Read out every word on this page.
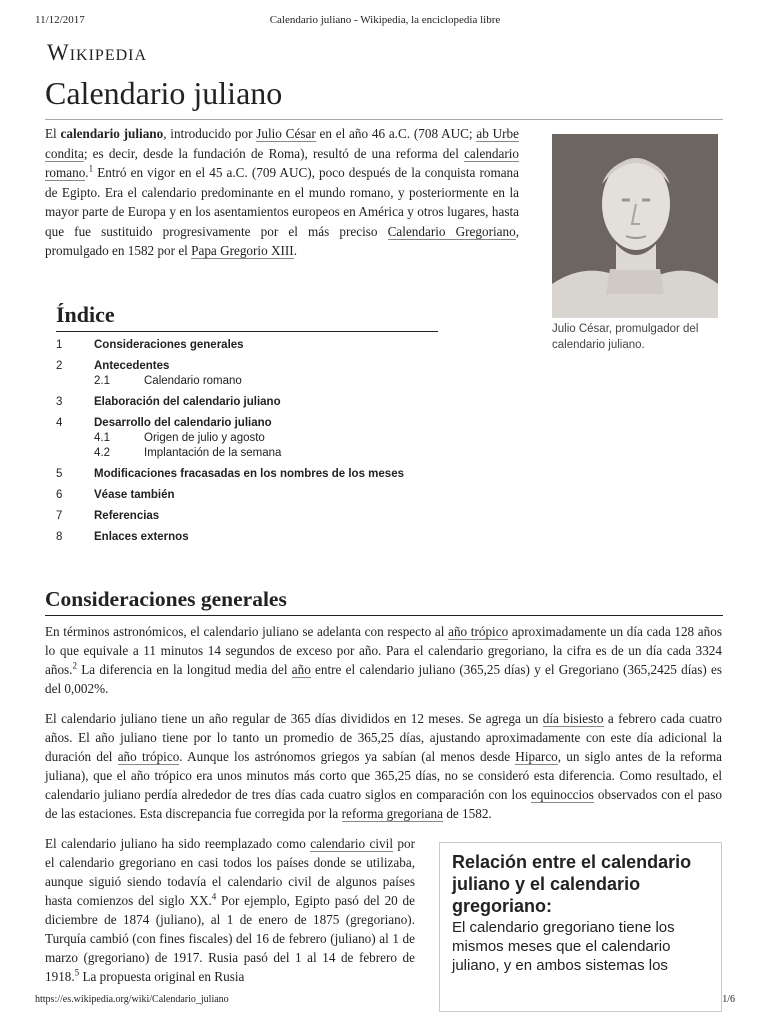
11/12/2017	Calendario juliano - Wikipedia, la enciclopedia libre
Wikipedia
Calendario juliano

El calendario juliano, introducido por Julio César en el año 46 a.C. (708 AUC; ab Urbe condita; es decir, desde la fundación de Roma), resultó de una reforma del calendario romano.$^1$ Entró en vigor en el 45 a.C. (709 AUC), poco después de la conquista romana de Egipto. Era el calendario predominante en el mundo romano, y posteriormente en la mayor parte de Europa y en los asentamientos europeos en América y otros lugares, hasta que fue sustituido progresivamente por el más preciso Calendario Gregoriano, promulgado en 1582 por el Papa Gregorio XIII.

Julio César, promulgador del calendario juliano.

Índice
1	Consideraciones generales
2	Antecedentes
2.1	Calendario romano
3	Elaboración del calendario juliano
4	Desarrollo del calendario juliano
4.1	Origen de julio y agosto
4.2	Implantación de la semana
5	Modificaciones fracasadas en los nombres de los meses
6	Véase también
7	Referencias
8	Enlaces externos
Consideraciones generales

En términos astronómicos, el calendario juliano se adelanta con respecto al año trópico aproximadamente un día cada 128 años lo que equivale a 11 minutos 14 segundos de exceso por año. Para el calendario gregoriano, la cifra es de un día cada 3324 años.$^2$ La diferencia en la longitud media del año entre el calendario juliano (365,25 días) y el Gregoriano (365,2425 días) es del 0,002%.

El calendario juliano tiene un año regular de 365 días divididos en 12 meses. Se agrega un día bisiesto a febrero cada cuatro años. El año juliano tiene por lo tanto un promedio de 365,25 días, ajustando aproximadamente con este día adicional la duración del año trópico. Aunque los astrónomos griegos ya sabían (al menos desde Hiparco, un siglo antes de la reforma juliana), que el año trópico era unos minutos más corto que 365,25 días, no se consideró esta diferencia. Como resultado, el calendario juliano perdía alrededor de tres días cada cuatro siglos en comparación con los equinoccios observados con el paso de las estaciones. Esta discrepancia fue corregida por la reforma gregoriana de 1582.

El calendario juliano ha sido reemplazado como calendario civil por el calendario gregoriano en casi todos los países donde se utilizaba, aunque siguió siendo todavía el calendario civil de algunos países hasta comienzos del siglo XX.$^4$ Por ejemplo, Egipto pasó del 20 de diciembre de 1874 (juliano), al 1 de enero de 1875 (gregoriano). Turquía cambió (con fines fiscales) del 16 de febrero (juliano) al 1 de marzo (gregoriano) de 1917. Rusia pasó del 1 al 14 de febrero de 1918.$^5$ La propuesta original en Rusia

Relación entre el calendario juliano y el calendario gregoriano:

El calendario gregoriano tiene los mismos meses que el calendario juliano, y en ambos sistemas los

https://es.wikipedia.org/wiki/Calendario_juliano	1/6
